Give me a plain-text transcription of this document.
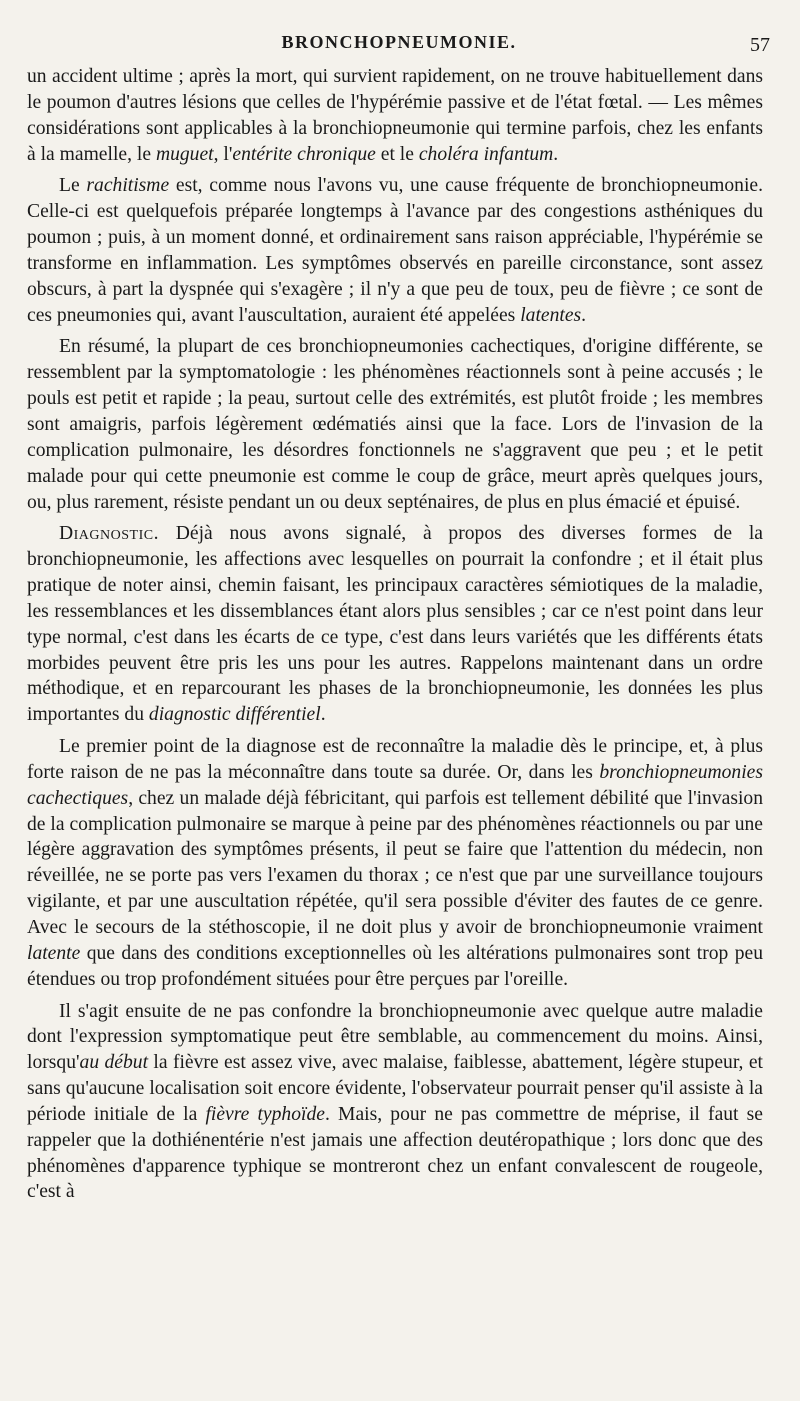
BRONCHOPNEUMONIE.	57

un accident ultime ; après la mort, qui survient rapidement, on ne trouve habituellement dans le poumon d'autres lésions que celles de l'hypérémie passive et de l'état fœtal. — Les mêmes considérations sont applicables à la bronchiopneumonie qui termine parfois, chez les enfants à la mamelle, le muguet, l'entérite chronique et le choléra infantum.

Le rachitisme est, comme nous l'avons vu, une cause fréquente de bronchiopneumonie. Celle-ci est quelquefois préparée longtemps à l'avance par des congestions asthéniques du poumon ; puis, à un moment donné, et ordinairement sans raison appréciable, l'hypérémie se transforme en inflammation. Les symptômes observés en pareille circonstance, sont assez obscurs, à part la dyspnée qui s'exagère ; il n'y a que peu de toux, peu de fièvre ; ce sont de ces pneumonies qui, avant l'auscultation, auraient été appelées latentes.

En résumé, la plupart de ces bronchiopneumonies cachectiques, d'origine différente, se ressemblent par la symptomatologie : les phénomènes réactionnels sont à peine accusés ; le pouls est petit et rapide ; la peau, surtout celle des extrémités, est plutôt froide ; les membres sont amaigris, parfois légèrement œdématiés ainsi que la face. Lors de l'invasion de la complication pulmonaire, les désordres fonctionnels ne s'aggravent que peu ; et le petit malade pour qui cette pneumonie est comme le coup de grâce, meurt après quelques jours, ou, plus rarement, résiste pendant un ou deux septénaires, de plus en plus émacié et épuisé.

Diagnostic. Déjà nous avons signalé, à propos des diverses formes de la bronchiopneumonie, les affections avec lesquelles on pourrait la confondre ; et il était plus pratique de noter ainsi, chemin faisant, les principaux caractères sémiotiques de la maladie, les ressemblances et les dissemblances étant alors plus sensibles ; car ce n'est point dans leur type normal, c'est dans les écarts de ce type, c'est dans leurs variétés que les différents états morbides peuvent être pris les uns pour les autres. Rappelons maintenant dans un ordre méthodique, et en reparcourant les phases de la bronchiopneumonie, les données les plus importantes du diagnostic différentiel.

Le premier point de la diagnose est de reconnaître la maladie dès le principe, et, à plus forte raison de ne pas la méconnaître dans toute sa durée. Or, dans les bronchiopneumonies cachectiques, chez un malade déjà fébricitant, qui parfois est tellement débilité que l'invasion de la complication pulmonaire se marque à peine par des phénomènes réactionnels ou par une légère aggravation des symptômes présents, il peut se faire que l'attention du médecin, non réveillée, ne se porte pas vers l'examen du thorax ; ce n'est que par une surveillance toujours vigilante, et par une auscultation répétée, qu'il sera possible d'éviter des fautes de ce genre. Avec le secours de la stéthoscopie, il ne doit plus y avoir de bronchiopneumonie vraiment latente que dans des conditions exceptionnelles où les altérations pulmonaires sont trop peu étendues ou trop profondément situées pour être perçues par l'oreille.

Il s'agit ensuite de ne pas confondre la bronchiopneumonie avec quelque autre maladie dont l'expression symptomatique peut être semblable, au commencement du moins. Ainsi, lorsqu'au début la fièvre est assez vive, avec malaise, faiblesse, abattement, légère stupeur, et sans qu'aucune localisation soit encore évidente, l'observateur pourrait penser qu'il assiste à la période initiale de la fièvre typhoïde. Mais, pour ne pas commettre de méprise, il faut se rappeler que la dothiénentérie n'est jamais une affection deutéropathique ; lors donc que des phénomènes d'apparence typhique se montreront chez un enfant convalescent de rougeole, c'est à
